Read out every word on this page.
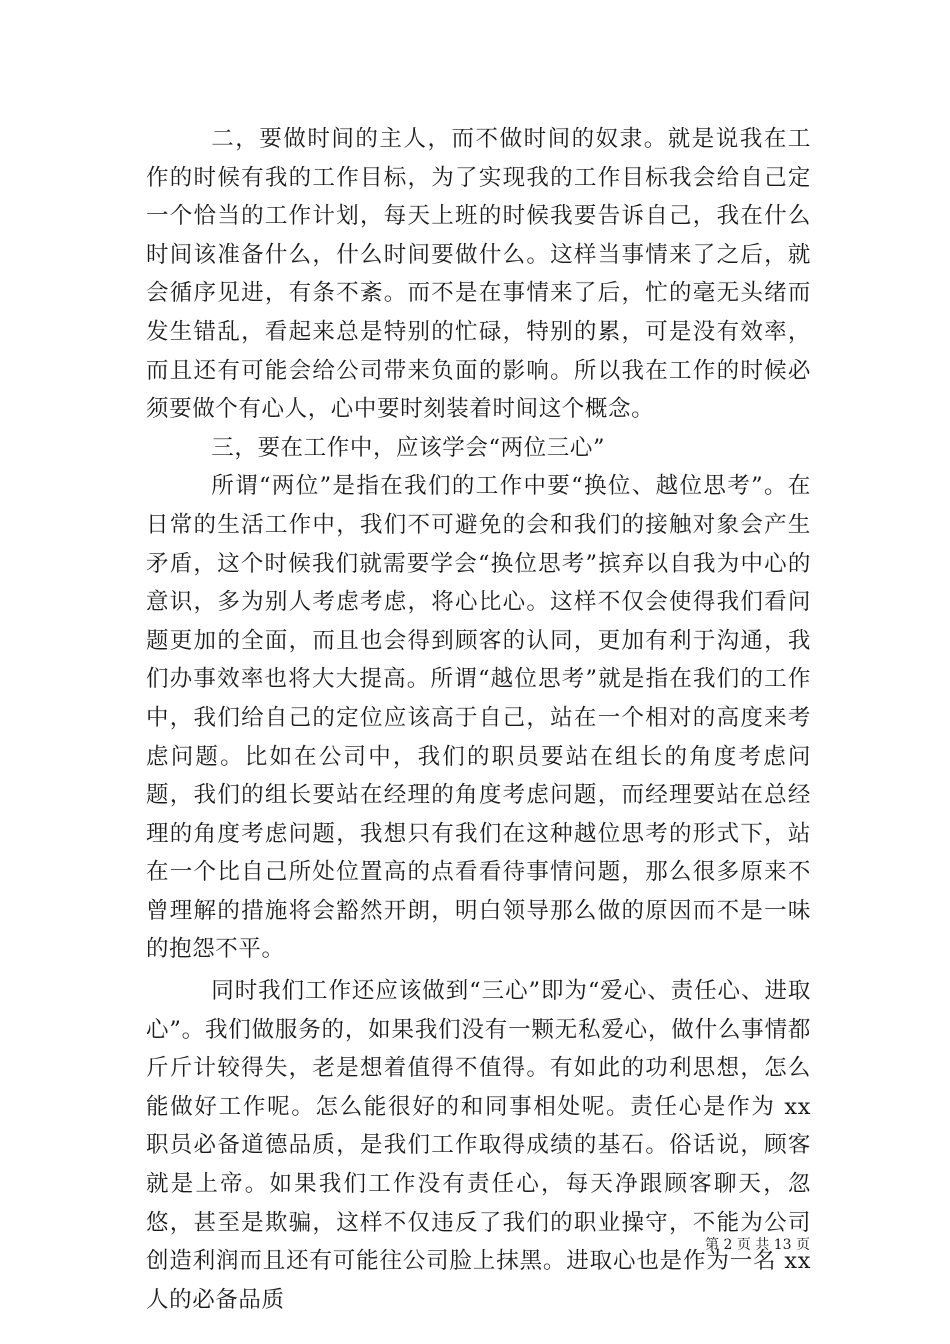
二，要做时间的主人，而不做时间的奴隶。就是说我在工作的时候有我的工作目标，为了实现我的工作目标我会给自己定一个恰当的工作计划，每天上班的时候我要告诉自己，我在什么时间该准备什么，什么时间要做什么。这样当事情来了之后，就会循序见进，有条不紊。而不是在事情来了后，忙的毫无头绪而发生错乱，看起来总是特别的忙碌，特别的累，可是没有效率，而且还有可能会给公司带来负面的影响。所以我在工作的时候必须要做个有心人，心中要时刻装着时间这个概念。

三，要在工作中，应该学会“两位三心”

所谓“两位”是指在我们的工作中要“换位、越位思考”。在日常的生活工作中，我们不可避免的会和我们的接触对象会产生矛盾，这个时候我们就需要学会“换位思考”摈弃以自我为中心的意识，多为别人考虑考虑，将心比心。这样不仅会使得我们看问题更加的全面，而且也会得到顾客的认同，更加有利于沟通，我们办事效率也将大大提高。所谓“越位思考”就是指在我们的工作中，我们给自己的定位应该高于自己，站在一个相对的高度来考虑问题。比如在公司中，我们的职员要站在组长的角度考虑问题，我们的组长要站在经理的角度考虑问题，而经理要站在总经理的角度考虑问题，我想只有我们在这种越位思考的形式下，站在一个比自己所处位置高的点看看待事情问题，那么很多原来不曾理解的措施将会豁然开朗，明白领导那么做的原因而不是一味的抱怨不平。

同时我们工作还应该做到“三心”即为“爱心、责任心、进取心”。我们做服务的，如果我们没有一颗无私爱心，做什么事情都斤斤计较得失，老是想着值得不值得。有如此的功利思想，怎么能做好工作呢。怎么能很好的和同事相处呢。责任心是作为 xx 职员必备道德品质，是我们工作取得成绩的基石。俗话说，顾客就是上帝。如果我们工作没有责任心，每天净跟顾客聊天，忽悠，甚至是欺骗，这样不仅违反了我们的职业操守，不能为公司创造利润而且还有可能往公司脸上抹黑。进取心也是作为一名 xx 人的必备品质

第 2 页 共 13 页
